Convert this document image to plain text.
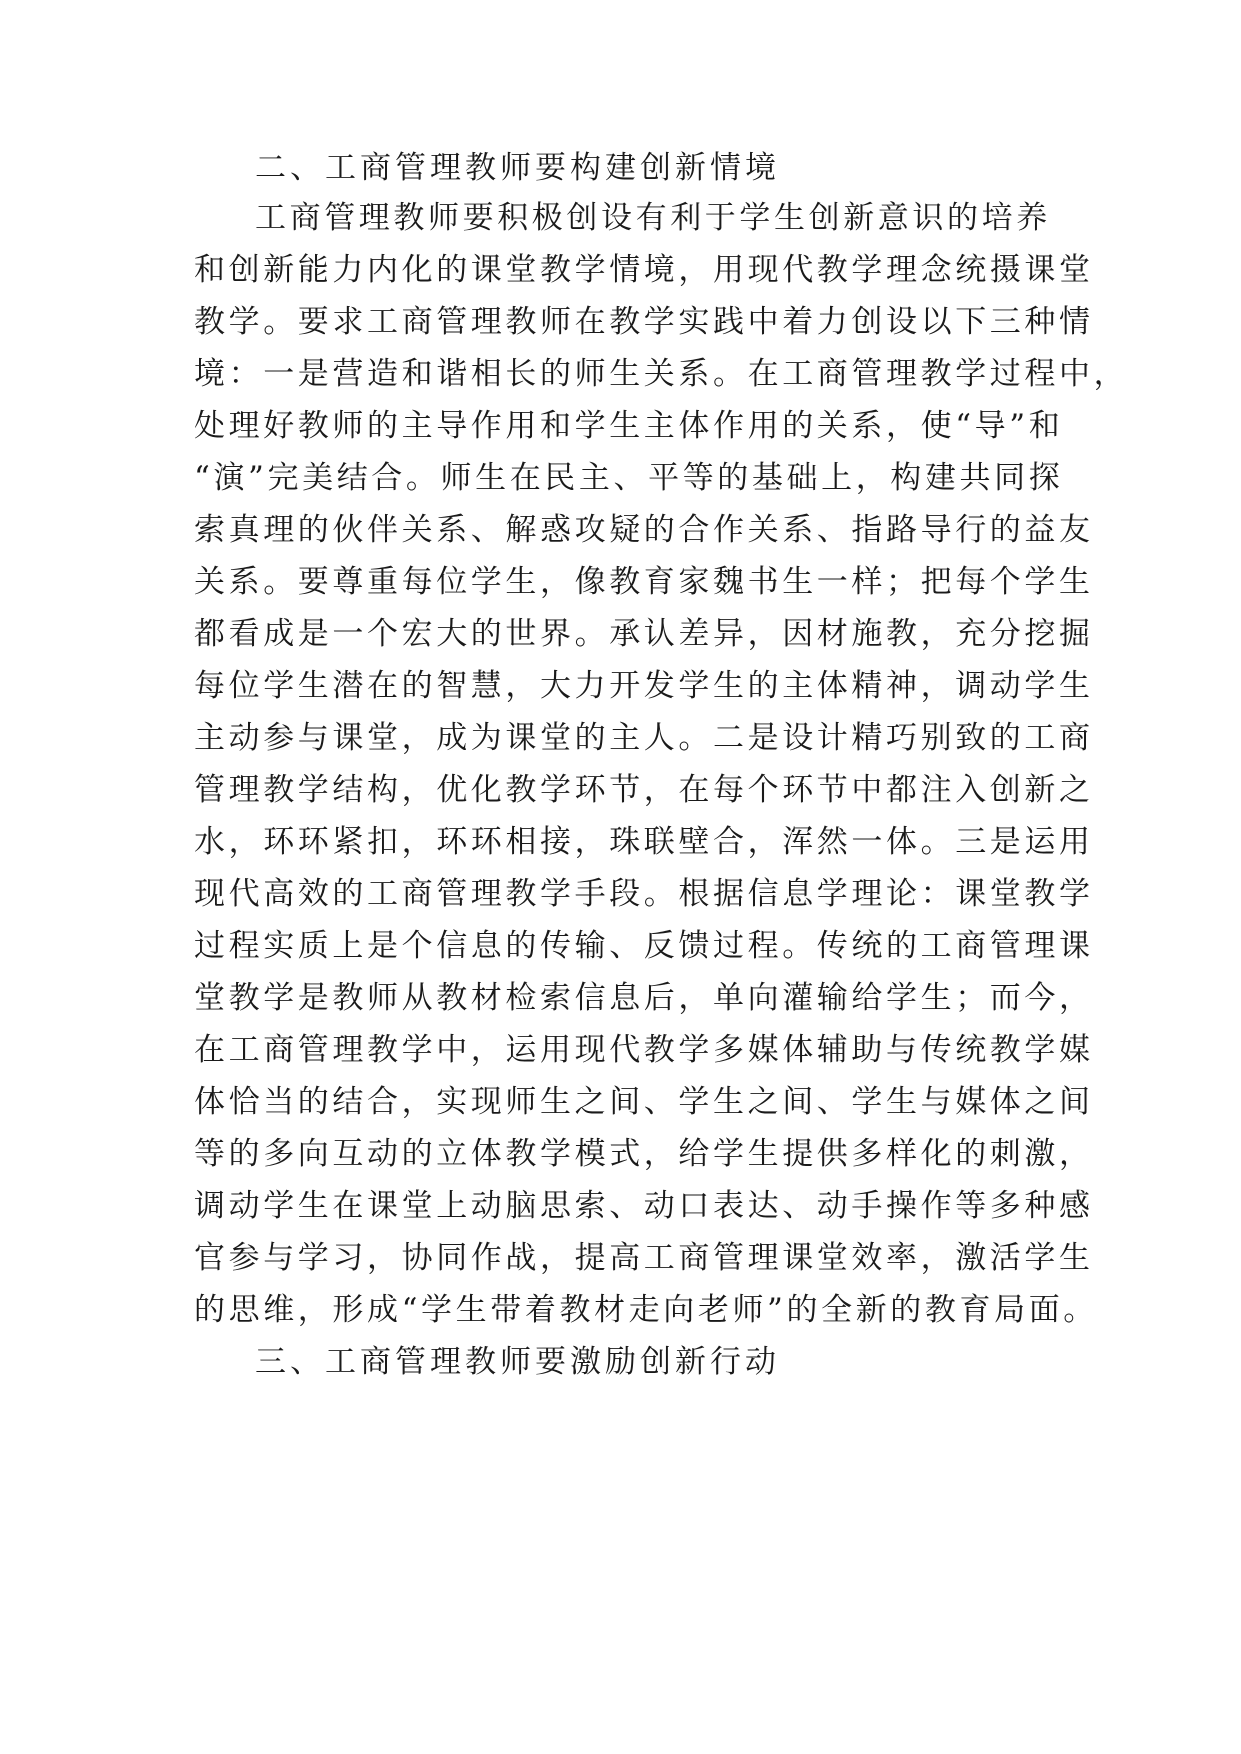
二、工商管理教师要构建创新情境
工商管理教师要积极创设有利于学生创新意识的培养
和创新能力内化的课堂教学情境，用现代教学理念统摄课堂
教学。要求工商管理教师在教学实践中着力创设以下三种情
境：一是营造和谐相长的师生关系。在工商管理教学过程中，
处理好教师的主导作用和学生主体作用的关系，使“导”和
“演”完美结合。师生在民主、平等的基础上，构建共同探
索真理的伙伴关系、解惑攻疑的合作关系、指路导行的益友
关系。要尊重每位学生，像教育家魏书生一样；把每个学生
都看成是一个宏大的世界。承认差异，因材施教，充分挖掘
每位学生潜在的智慧，大力开发学生的主体精神，调动学生
主动参与课堂，成为课堂的主人。二是设计精巧别致的工商
管理教学结构，优化教学环节，在每个环节中都注入创新之
水，环环紧扣，环环相接，珠联壁合，浑然一体。三是运用
现代高效的工商管理教学手段。根据信息学理论：课堂教学
过程实质上是个信息的传输、反馈过程。传统的工商管理课
堂教学是教师从教材检索信息后，单向灌输给学生；而今，
在工商管理教学中，运用现代教学多媒体辅助与传统教学媒
体恰当的结合，实现师生之间、学生之间、学生与媒体之间
等的多向互动的立体教学模式，给学生提供多样化的刺激，
调动学生在课堂上动脑思索、动口表达、动手操作等多种感
官参与学习，协同作战，提高工商管理课堂效率，激活学生
的思维，形成“学生带着教材走向老师”的全新的教育局面。
三、工商管理教师要激励创新行动
